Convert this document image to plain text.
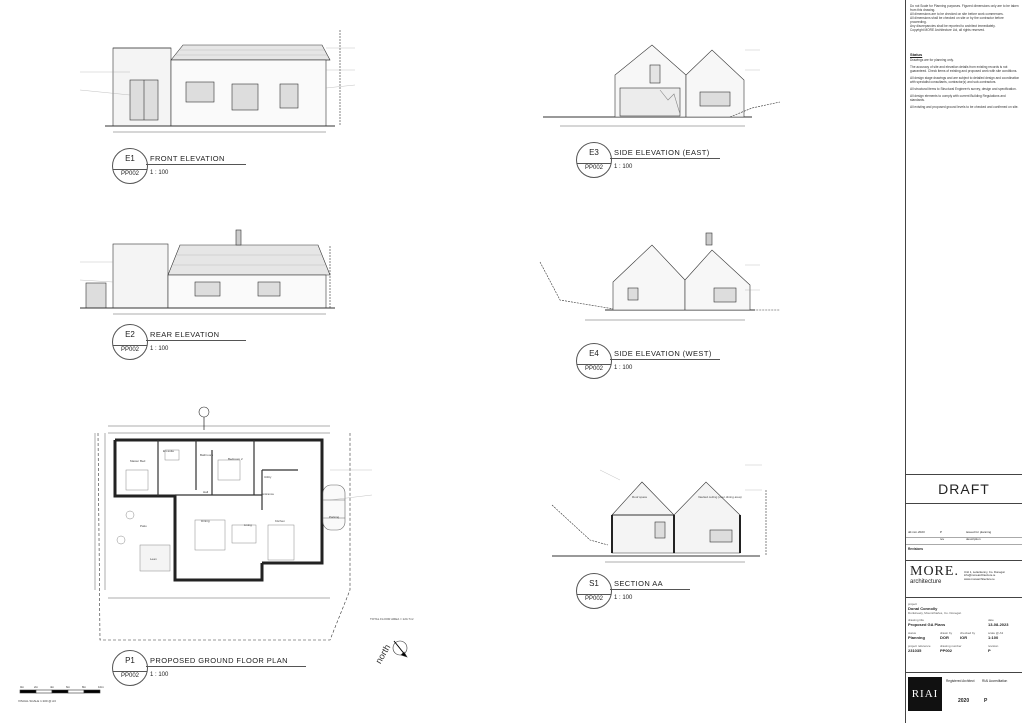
Master Bed
En-suite
Bathroom
Bedroom 2
Hall
Utility
Entrance
Dining
Living
Kitchen
Lean
Patio
Parking
Roof space	Vaulted ceiling (over dining area)
TOTAL FLOOR AREA = 124.7m²
north
0m	2m	4m	6m	8m	10m
VISUAL SCALE 1:100 @ A3
E1
PP002
FRONT ELEVATION
1 : 100
E2
PP002
REAR ELEVATION
1 : 100
E3
PP002
SIDE ELEVATION (EAST)
1 : 100
E4
PP002
SIDE ELEVATION (WEST)
1 : 100
P1
PP002
PROPOSED GROUND FLOOR PLAN
1 : 100
S1
PP002
SECTION AA
1 : 100
Do not Scale for Planning purposes. Figured dimensions only are to be taken from this drawing.
All dimensions are to be checked on site before work commences.
All dimensions shall be checked on site or by the contractor before proceeding.
Any discrepancies shall be reported to architect immediately.
Copyright MORE Architecture Ltd, all rights reserved.
Status
Drawings are for planning only.
The accuracy of site and elevation details from existing records is not guaranteed. Check items of existing and proposed work with site conditions.
All design stage drawings and are subject to detailed design and coordination with specialist consultants, contractor(s) and sub-contractors.
All structural items to Structural Engineer's survey, design and specification.
All design elements to comply with current Building Regulations and standards.
All existing and proposed ground levels to be checked and confirmed on site.
DRAFT
dd.mm.2023	P	issued for planning
rev	description
Revisions
MORE.
architecture
Unit 1, Letterkenny, Co. Donegal. info@morearchitecture.ie www.morearchitecture.ie
project
Donal Connolly
Dunkineely, Mountcharles, Co. Donegal.
drawing title
Proposed GA Plans
date
13-08-2023
status
Planning
drawn by
DOR
checked by
IOR
scale @ A3
1:100
project reference
231035
drawing number
PP002
revision
P
RIAI
Registered Architect	RIAI Accreditation
2020	P
